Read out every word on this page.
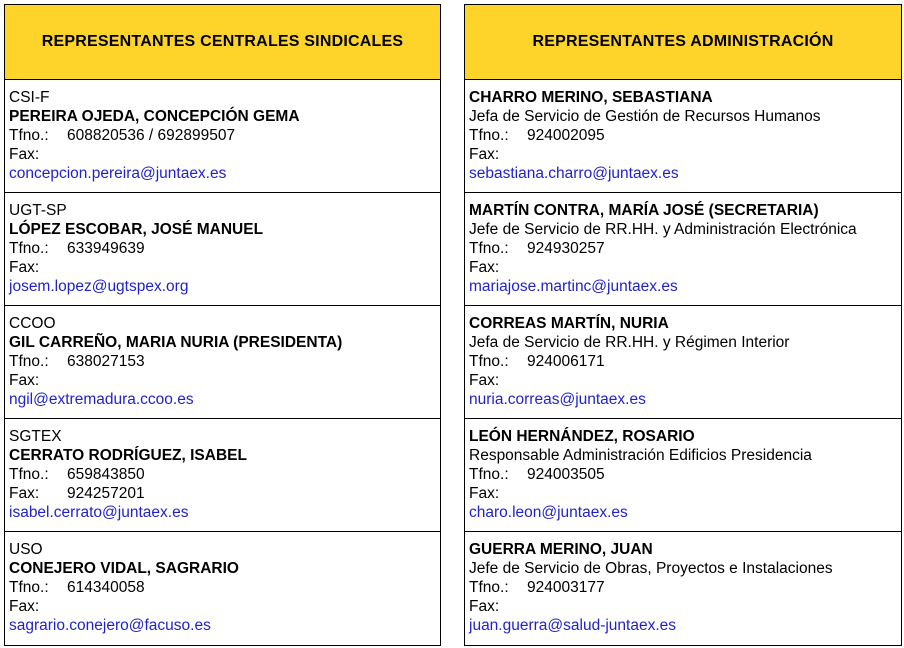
REPRESENTANTES CENTRALES SINDICALES
CSI-F
PEREIRA OJEDA, CONCEPCIÓN GEMA
Tfno.: 608820536 / 692899507
Fax:
concepcion.pereira@juntaex.es
UGT-SP
LÓPEZ ESCOBAR, JOSÉ MANUEL
Tfno.: 633949639
Fax:
josem.lopez@ugtspex.org
CCOO
GIL CARREÑO, MARIA NURIA (PRESIDENTA)
Tfno.: 638027153
Fax:
ngil@extremadura.ccoo.es
SGTEX
CERRATO RODRÍGUEZ, ISABEL
Tfno.: 659843850
Fax: 924257201
isabel.cerrato@juntaex.es
USO
CONEJERO VIDAL, SAGRARIO
Tfno.: 614340058
Fax:
sagrario.conejero@facuso.es
REPRESENTANTES ADMINISTRACIÓN
CHARRO MERINO, SEBASTIANA
Jefa de Servicio de Gestión de Recursos Humanos
Tfno.: 924002095
Fax:
sebastiana.charro@juntaex.es
MARTÍN CONTRA, MARÍA JOSÉ (SECRETARIA)
Jefe de Servicio de RR.HH. y Administración Electrónica
Tfno.: 924930257
Fax:
mariajose.martinc@juntaex.es
CORREAS MARTÍN, NURIA
Jefa de Servicio de RR.HH. y Régimen Interior
Tfno.: 924006171
Fax:
nuria.correas@juntaex.es
LEÓN HERNÁNDEZ, ROSARIO
Responsable Administración Edificios Presidencia
Tfno.: 924003505
Fax:
charo.leon@juntaex.es
GUERRA MERINO, JUAN
Jefe de Servicio de Obras, Proyectos e Instalaciones
Tfno.: 924003177
Fax:
juan.guerra@salud-juntaex.es
